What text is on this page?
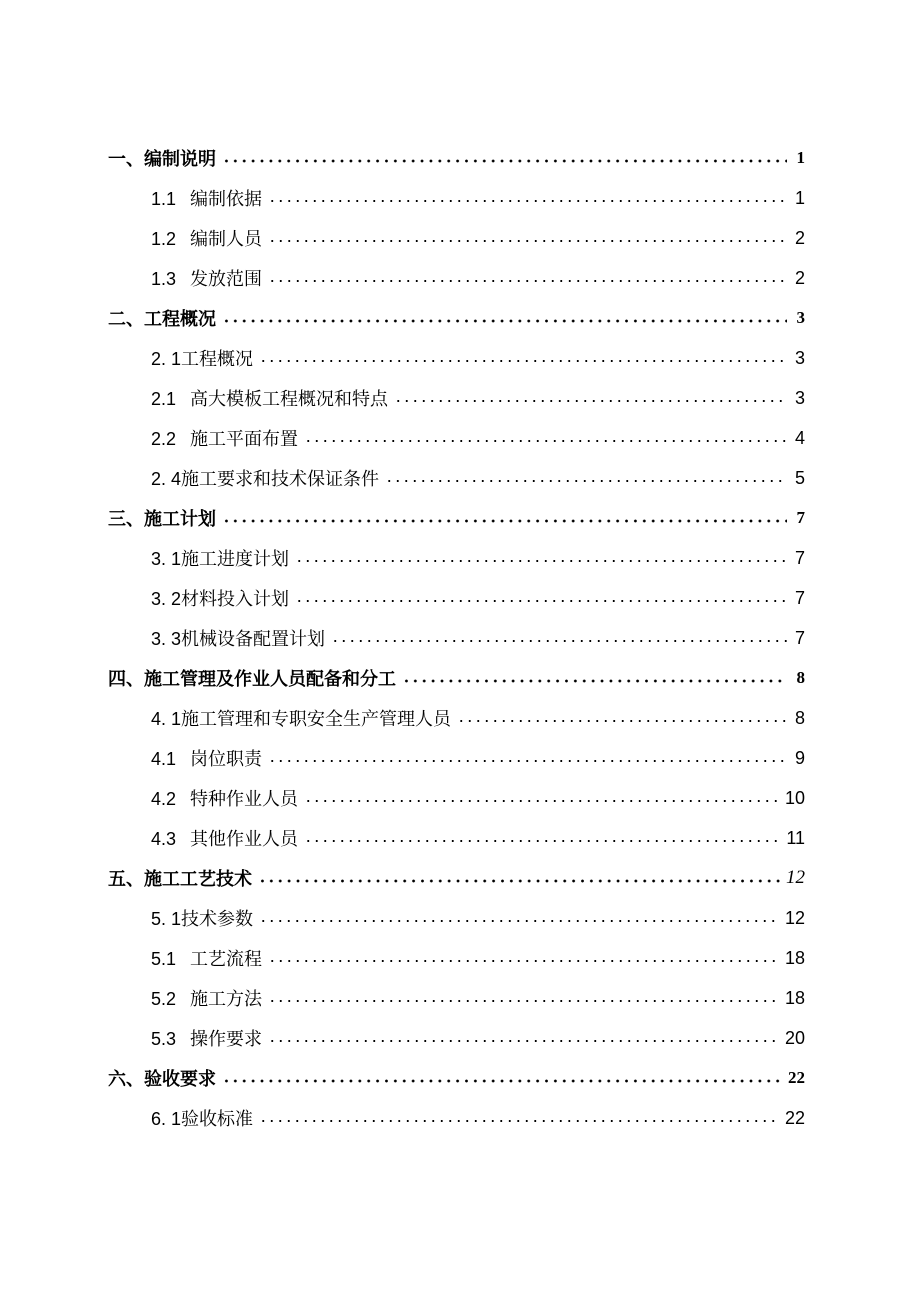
一、编制说明	1
1.1 编制依据	1
1.2 编制人员	2
1.3 发放范围	2
二、工程概况	3
2. 1工程概况	3
2.1 高大模板工程概况和特点	3
2.2 施工平面布置	4
2. 4施工要求和技术保证条件	5
三、施工计划	7
3. 1施工进度计划	7
3. 2材料投入计划	7
3. 3机械设备配置计划	7
四、施工管理及作业人员配备和分工	8
4. 1施工管理和专职安全生产管理人员	8
4.1 岗位职责	9
4.2 特种作业人员	10
4.3 其他作业人员	11
五、施工工艺技术	12
5. 1技术参数	12
5.1 工艺流程	18
5.2 施工方法	18
5.3 操作要求	20
六、验收要求	22
6. 1验收标准	22
